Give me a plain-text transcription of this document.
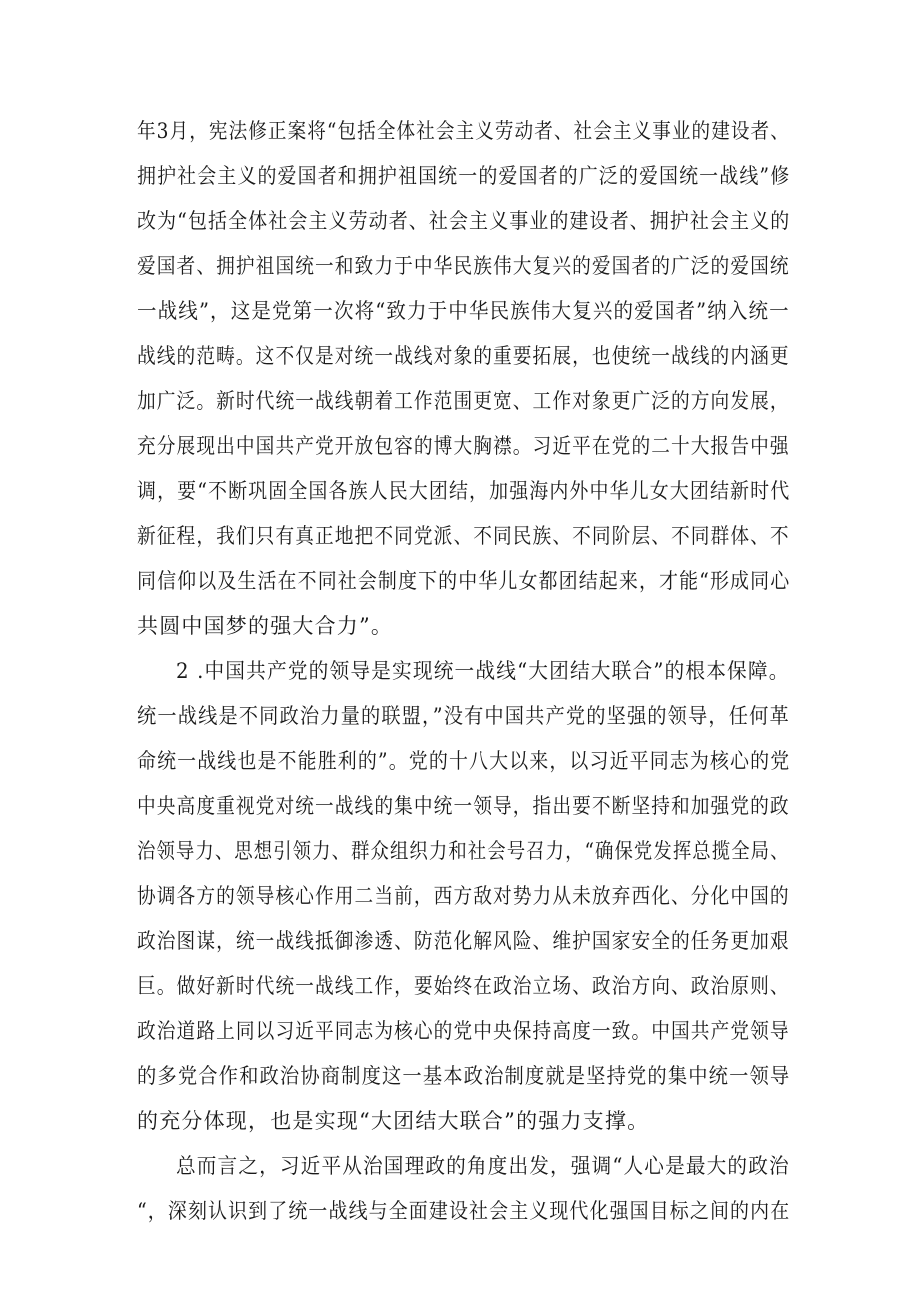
年3月，宪法修正案将“包括全体社会主义劳动者、社会主义事业的建设者、
拥护社会主义的爱国者和拥护祖国统一的爱国者的广泛的爱国统一战线”修
改为“包括全体社会主义劳动者、社会主义事业的建设者、拥护社会主义的
爱国者、拥护祖国统一和致力于中华民族伟大复兴的爱国者的广泛的爱国统
一战线”，这是党第一次将“致力于中华民族伟大复兴的爱国者”纳入统一
战线的范畴。这不仅是对统一战线对象的重要拓展，也使统一战线的内涵更
加广泛。新时代统一战线朝着工作范围更宽、工作对象更广泛的方向发展，
充分展现出中国共产党开放包容的博大胸襟。习近平在党的二十大报告中强
调，要“不断巩固全国各族人民大团结，加强海内外中华儿女大团结新时代
新征程，我们只有真正地把不同党派、不同民族、不同阶层、不同群体、不
同信仰以及生活在不同社会制度下的中华儿女都团结起来，才能“形成同心
共圆中国梦的强大合力”。
2 .中国共产党的领导是实现统一战线“大团结大联合”的根本保障。
统一战线是不同政治力量的联盟，”没有中国共产党的坚强的领导，任何革
命统一战线也是不能胜利的”。党的十八大以来，以习近平同志为核心的党
中央高度重视党对统一战线的集中统一领导，指出要不断坚持和加强党的政
治领导力、思想引领力、群众组织力和社会号召力，“确保党发挥总揽全局、
协调各方的领导核心作用二当前，西方敌对势力从未放弃西化、分化中国的
政治图谋，统一战线抵御渗透、防范化解风险、维护国家安全的任务更加艰
巨。做好新时代统一战线工作，要始终在政治立场、政治方向、政治原则、
政治道路上同以习近平同志为核心的党中央保持高度一致。中国共产党领导
的多党合作和政治协商制度这一基本政治制度就是坚持党的集中统一领导
的充分体现，也是实现“大团结大联合”的强力支撑。
总而言之，习近平从治国理政的角度出发，强调“人心是最大的政治
“，深刻认识到了统一战线与全面建设社会主义现代化强国目标之间的内在
